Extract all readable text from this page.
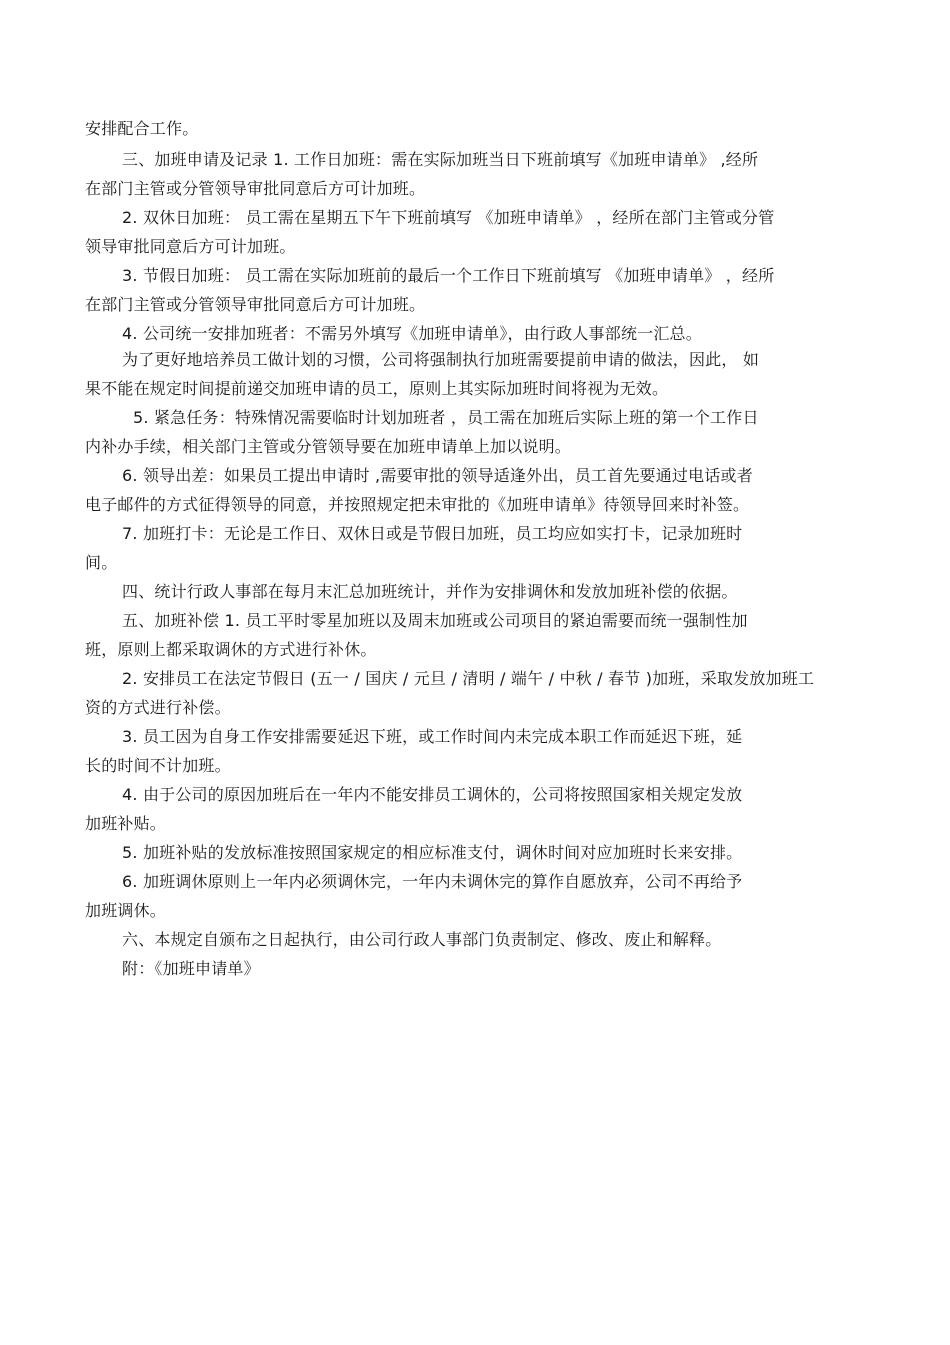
安排配合工作。
三、加班申请及记录 1. 工作日加班：需在实际加班当日下班前填写《加班申请单》 ,经所
在部门主管或分管领导审批同意后方可计加班。
2. 双休日加班： 员工需在星期五下午下班前填写 《加班申请单》 ，经所在部门主管或分管
领导审批同意后方可计加班。
3. 节假日加班： 员工需在实际加班前的最后一个工作日下班前填写 《加班申请单》 ，经所
在部门主管或分管领导审批同意后方可计加班。
4. 公司统一安排加班者：不需另外填写《加班申请单》，由行政人事部统一汇总。
为了更好地培养员工做计划的习惯，公司将强制执行加班需要提前申请的做法，因此， 如
果不能在规定时间提前递交加班申请的员工，原则上其实际加班时间将视为无效。
5. 紧急任务：特殊情况需要临时计划加班者 ，员工需在加班后实际上班的第一个工作日
内补办手续，相关部门主管或分管领导要在加班申请单上加以说明。
6. 领导出差：如果员工提出申请时 ,需要审批的领导适逢外出，员工首先要通过电话或者
电子邮件的方式征得领导的同意，并按照规定把未审批的《加班申请单》待领导回来时补签。
7. 加班打卡：无论是工作日、双休日或是节假日加班，员工均应如实打卡，记录加班时
间。
四、统计行政人事部在每月末汇总加班统计，并作为安排调休和发放加班补偿的依据。
五、加班补偿 1. 员工平时零星加班以及周末加班或公司项目的紧迫需要而统一强制性加
班，原则上都采取调休的方式进行补休。
2. 安排员工在法定节假日 (五一 / 国庆 / 元旦 / 清明 / 端午 / 中秋 / 春节 )加班，采取发放加班工
资的方式进行补偿。
3. 员工因为自身工作安排需要延迟下班，或工作时间内未完成本职工作而延迟下班，延
长的时间不计加班。
4. 由于公司的原因加班后在一年内不能安排员工调休的，公司将按照国家相关规定发放
加班补贴。
5. 加班补贴的发放标准按照国家规定的相应标准支付，调休时间对应加班时长来安排。
6. 加班调休原则上一年内必须调休完，一年内未调休完的算作自愿放弃，公司不再给予
加班调休。
六、本规定自颁布之日起执行，由公司行政人事部门负责制定、修改、废止和解释。
附：《加班申请单》
